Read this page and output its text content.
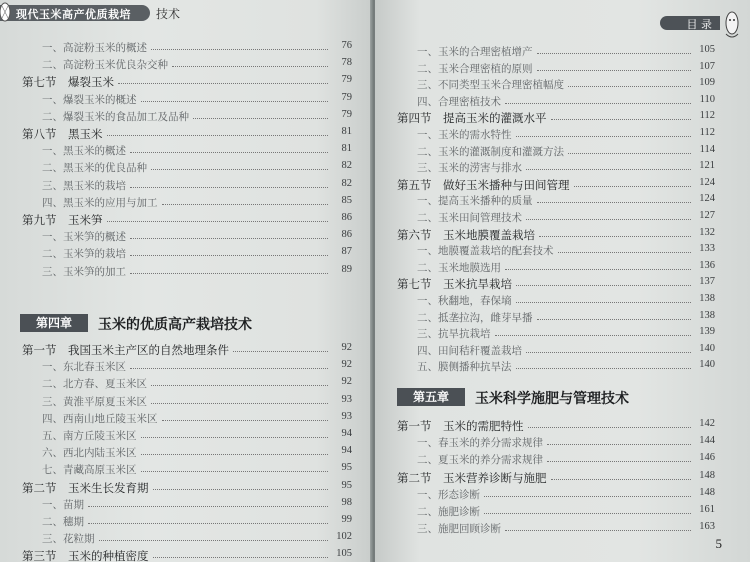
现代玉米高产优质栽培 技术
一、高淀粉玉米的概述	76
二、高淀粉玉米优良杂交种	78
第七节　爆裂玉米	79
一、爆裂玉米的概述	79
二、爆裂玉米的食品加工及品种	79
第八节　黑玉米	81
一、黑玉米的概述	81
二、黑玉米的优良品种	82
三、黑玉米的栽培	82
四、黑玉米的应用与加工	85
第九节　玉米笋	86
一、玉米笋的概述	86
二、玉米笋的栽培	87
三、玉米笋的加工	89
第四章	玉米的优质高产栽培技术
第一节　我国玉米主产区的自然地理条件	92
一、东北春玉米区	92
二、北方春、夏玉米区	92
三、黄淮平原夏玉米区	93
四、西南山地丘陵玉米区	93
五、南方丘陵玉米区	94
六、西北内陆玉米区	94
七、青藏高原玉米区	95
第二节　玉米生长发育期	95
一、苗期	98
二、穗期	99
三、花粒期	102
第三节　玉米的种植密度	105
目 录
一、玉米的合理密植增产	105
二、玉米合理密植的原则	107
三、不同类型玉米合理密植幅度	109
四、合理密植技术	110
第四节　提高玉米的灌溉水平	112
一、玉米的需水特性	112
二、玉米的灌溉制度和灌溉方法	114
三、玉米的涝害与排水	121
第五节　做好玉米播种与田间管理	124
一、提高玉米播种的质量	124
二、玉米田间管理技术	127
第六节　玉米地膜覆盖栽培	132
一、地膜覆盖栽培的配套技术	133
二、玉米地膜选用	136
第七节　玉米抗旱栽培	137
一、秋翻地，春保墒	138
二、抵垄拉沟，雌芽早播	138
三、抗旱抗栽培	139
四、田间秸秆覆盖栽培	140
五、膜侧播种抗旱法	140
第五章	玉米科学施肥与管理技术
第一节　玉米的需肥特性	142
一、春玉米的养分需求规律	144
二、夏玉米的养分需求规律	146
第二节　玉米营养诊断与施肥	148
一、形态诊断	148
二、施肥诊断	161
三、施肥回顾诊断	163
5
